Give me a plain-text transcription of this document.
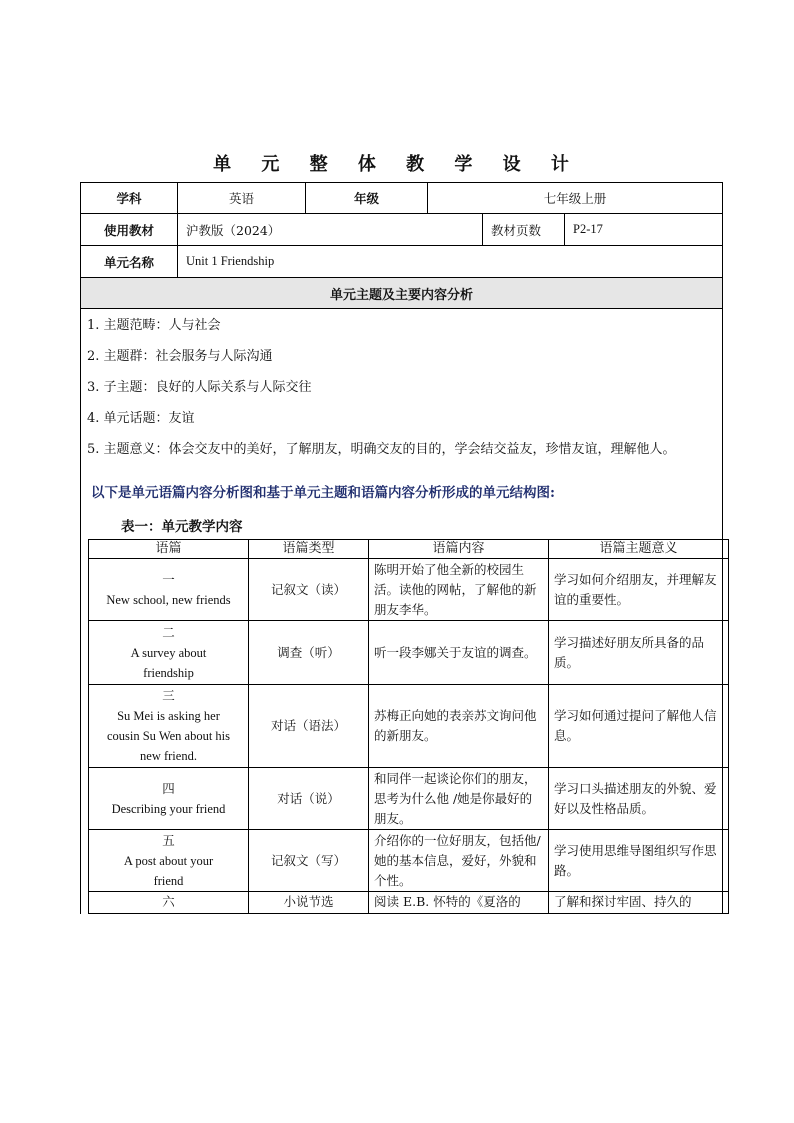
单 元 整 体 教 学 设 计
学科	英语	年级	七年级上册
使用教材	沪教版（2024）	教材页数	P2-17
单元名称	Unit 1 Friendship
单元主题及主要内容分析

1. 主题范畴：人与社会

2. 主题群：社会服务与人际沟通

3. 子主题：良好的人际关系与人际交往

4. 单元话题：友谊

5. 主题意义：体会交友中的美好，了解朋友，明确交友的目的，学会结交益友，珍惜友谊，理解他人。

以下是单元语篇内容分析图和基于单元主题和语篇内容分析形成的单元结构图:
表一：单元教学内容
语篇	语篇类型	语篇内容	语篇主题意义

一
New school, new friends
	记叙文（读）	陈明开始了他全新的校园生活。读他的网帖，了解他的新朋友李华。	学习如何介绍朋友，并理解友谊的重要性。

二
A survey about friendship
	调查（听）	听一段李娜关于友谊的调查。	学习描述好朋友所具备的品质。

三
Su Mei is asking her cousin Su Wen about his new friend.
	对话（语法）	苏梅正向她的表亲苏文询问他的新朋友。	学习如何通过提问了解他人信息。

四
Describing your friend
	对话（说）	和同伴一起谈论你们的朋友，思考为什么他 /她是你最好的朋友。	学习口头描述朋友的外貌、爱好以及性格品质。

五
A post about your friend
	记叙文（写）	介绍你的一位好朋友，包括他/她的基本信息，爱好，外貌和个性。	学习使用思维导图组织写作思路。

六	小说节选	阅读 E.B. 怀特的《夏洛的	了解和探讨牢固、持久的
